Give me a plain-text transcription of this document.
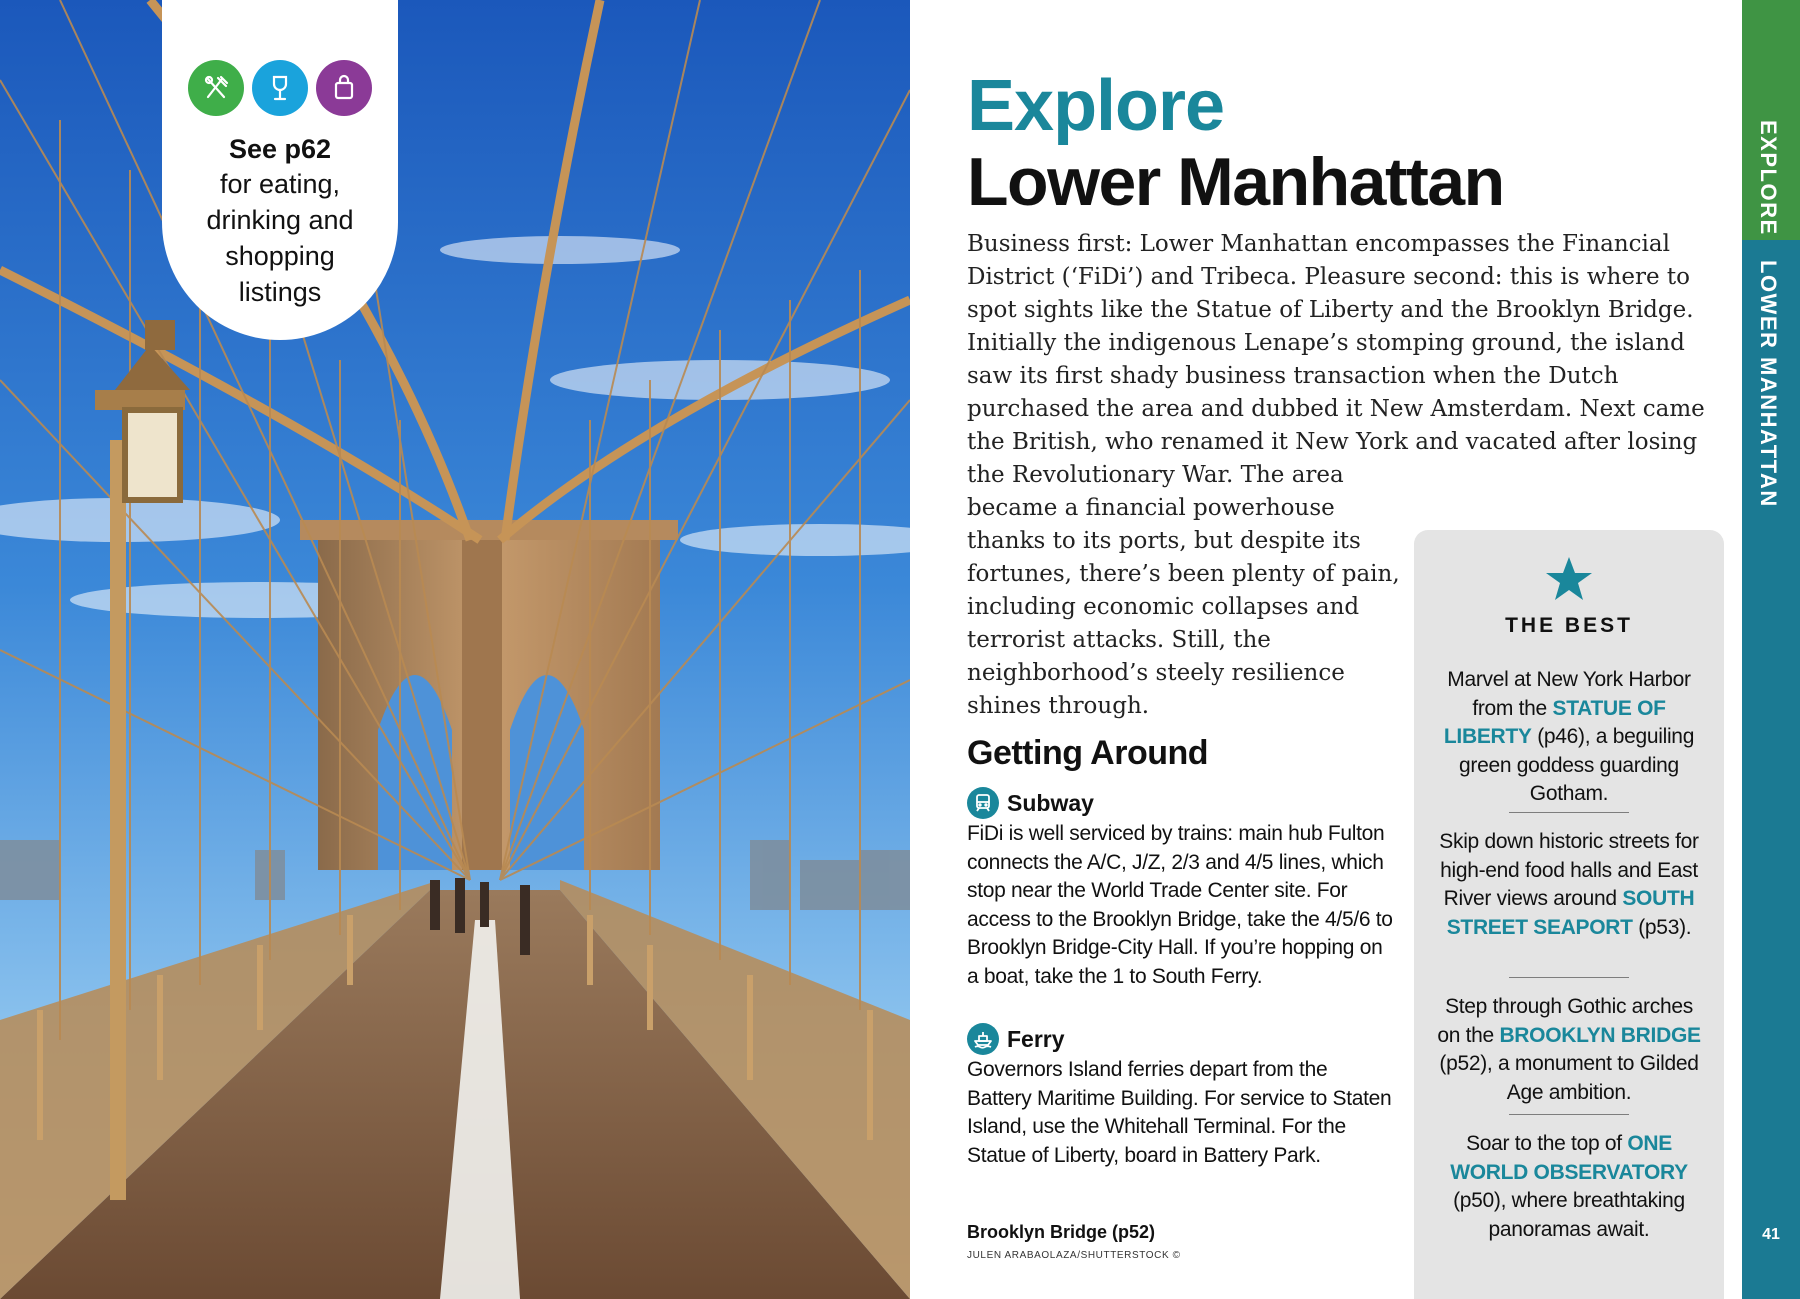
See p62
for eating, drinking and shopping listings
EXPLORE
LOWER MANHATTAN
41
Explore
Lower Manhattan
Business first: Lower Manhattan encompasses the Financial District (‘FiDi’) and Tribeca. Pleasure second: this is where to spot sights like the Statue of Liberty and the Brooklyn Bridge. Initially the indigenous Lenape’s stomping ground, the island saw its first shady business transaction when the Dutch purchased the area and dubbed it New Amsterdam. Next came the British, who renamed it New York and vacated after losing the Revolutionary War. The area became a financial powerhouse thanks to its ports, but despite its fortunes, there’s been plenty of pain, including economic collapses and terrorist attacks. Still, the neighborhood’s steely resilience shines through.
Getting Around
Subway
FiDi is well serviced by trains: main hub Fulton connects the A/C, J/Z, 2/3 and 4/5 lines, which stop near the World Trade Center site. For access to the Brooklyn Bridge, take the 4/5/6 to Brooklyn Bridge-City Hall. If you’re hopping on a boat, take the 1 to South Ferry.
Ferry
Governors Island ferries depart from the Battery Maritime Building. For service to Staten Island, use the Whitehall Terminal. For the Statue of Liberty, board in Battery Park.
Brooklyn Bridge (p52)
JULEN ARABAOLAZA/SHUTTERSTOCK ©
THE BEST
Marvel at New York Harbor from the STATUE OF LIBERTY (p46), a beguiling green goddess guarding Gotham.
Skip down historic streets for high-end food halls and East River views around SOUTH STREET SEAPORT (p53).
Step through Gothic arches on the BROOKLYN BRIDGE (p52), a monument to Gilded Age ambition.
Soar to the top of ONE WORLD OBSERVATORY (p50), where breathtaking panoramas await.
